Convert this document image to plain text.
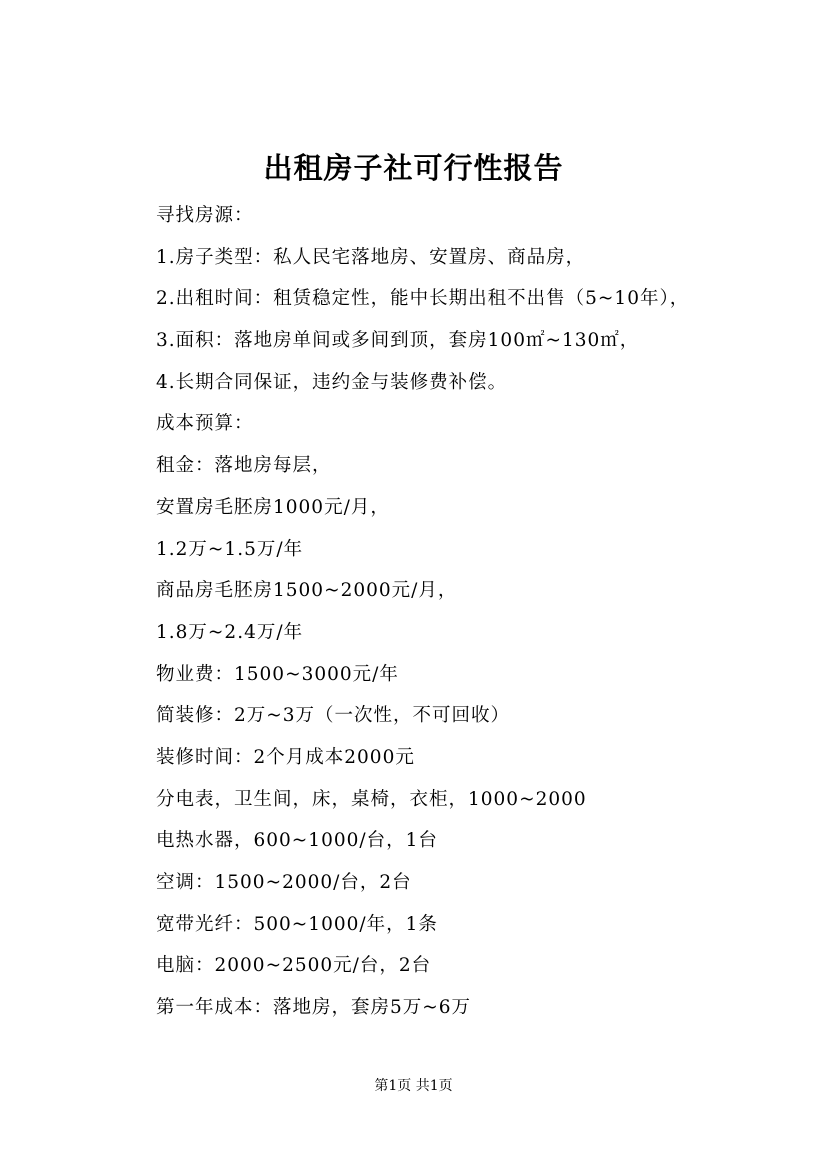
出租房子社可行性报告
寻找房源：
1.房子类型：私人民宅落地房、安置房、商品房，
2.出租时间：租赁稳定性，能中长期出租不出售（5~10年），
3.面积：落地房单间或多间到顶，套房100㎡~130㎡，
4.长期合同保证，违约金与装修费补偿。
成本预算：
租金：落地房每层，
安置房毛胚房1000元/月，
1.2万~1.5万/年
商品房毛胚房1500~2000元/月，
1.8万~2.4万/年
物业费：1500~3000元/年
简装修：2万~3万（一次性，不可回收）
装修时间：2个月成本2000元
分电表，卫生间，床，桌椅，衣柜，1000~2000
电热水器，600~1000/台，1台
空调：1500~2000/台，2台
宽带光纤：500~1000/年，1条
电脑：2000~2500元/台，2台
第一年成本：落地房，套房5万~6万
第1页 共1页
